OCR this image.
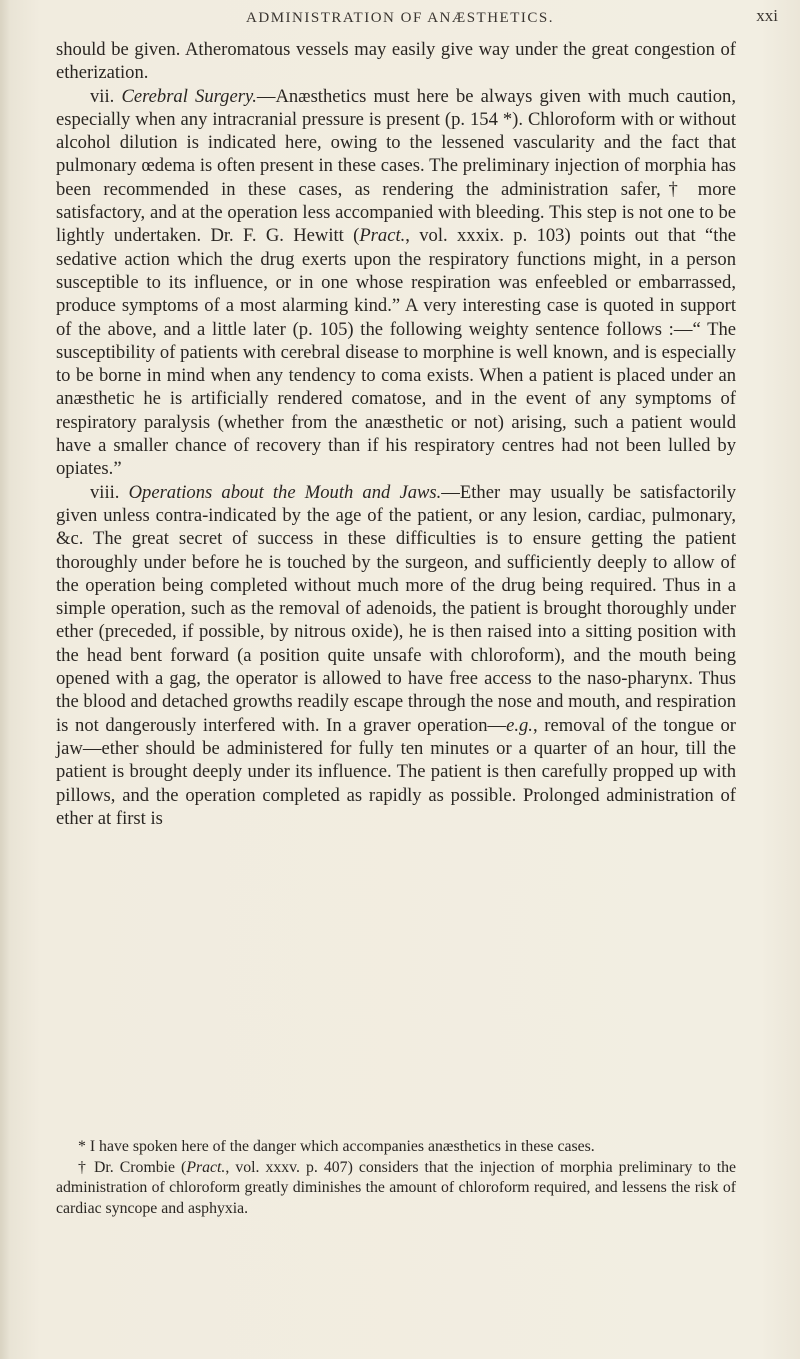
ADMINISTRATION OF ANÆSTHETICS.	xxi

should be given. Atheromatous vessels may easily give way under the great congestion of etherization.

vii. Cerebral Surgery.—Anæsthetics must here be always given with much caution, especially when any intracranial pressure is present (p. 154 *). Chloroform with or without alcohol dilution is indicated here, owing to the lessened vascularity and the fact that pulmonary œdema is often present in these cases. The preliminary injection of morphia has been recommended in these cases, as rendering the administration safer,† more satisfactory, and at the operation less accompanied with bleeding. This step is not one to be lightly undertaken. Dr. F. G. Hewitt (Pract., vol. xxxix. p. 103) points out that “the sedative action which the drug exerts upon the respiratory functions might, in a person susceptible to its influence, or in one whose respiration was enfeebled or embarrassed, produce symptoms of a most alarming kind.” A very interesting case is quoted in support of the above, and a little later (p. 105) the following weighty sentence follows :—“ The susceptibility of patients with cerebral disease to morphine is well known, and is especially to be borne in mind when any tendency to coma exists. When a patient is placed under an anæsthetic he is artificially rendered comatose, and in the event of any symptoms of respiratory paralysis (whether from the anæsthetic or not) arising, such a patient would have a smaller chance of recovery than if his respiratory centres had not been lulled by opiates.”

viii. Operations about the Mouth and Jaws.—Ether may usually be satisfactorily given unless contra-indicated by the age of the patient, or any lesion, cardiac, pulmonary, &c. The great secret of success in these difficulties is to ensure getting the patient thoroughly under before he is touched by the surgeon, and sufficiently deeply to allow of the operation being completed without much more of the drug being required. Thus in a simple operation, such as the removal of adenoids, the patient is brought thoroughly under ether (preceded, if possible, by nitrous oxide), he is then raised into a sitting position with the head bent forward (a position quite unsafe with chloroform), and the mouth being opened with a gag, the operator is allowed to have free access to the naso-pharynx. Thus the blood and detached growths readily escape through the nose and mouth, and respiration is not dangerously interfered with. In a graver operation—e.g., removal of the tongue or jaw—ether should be administered for fully ten minutes or a quarter of an hour, till the patient is brought deeply under its influence. The patient is then carefully propped up with pillows, and the operation completed as rapidly as possible. Prolonged administration of ether at first is

* I have spoken here of the danger which accompanies anæsthetics in these cases.

† Dr. Crombie (Pract., vol. xxxv. p. 407) considers that the injection of morphia preliminary to the administration of chloroform greatly diminishes the amount of chloroform required, and lessens the risk of cardiac syncope and asphyxia.
